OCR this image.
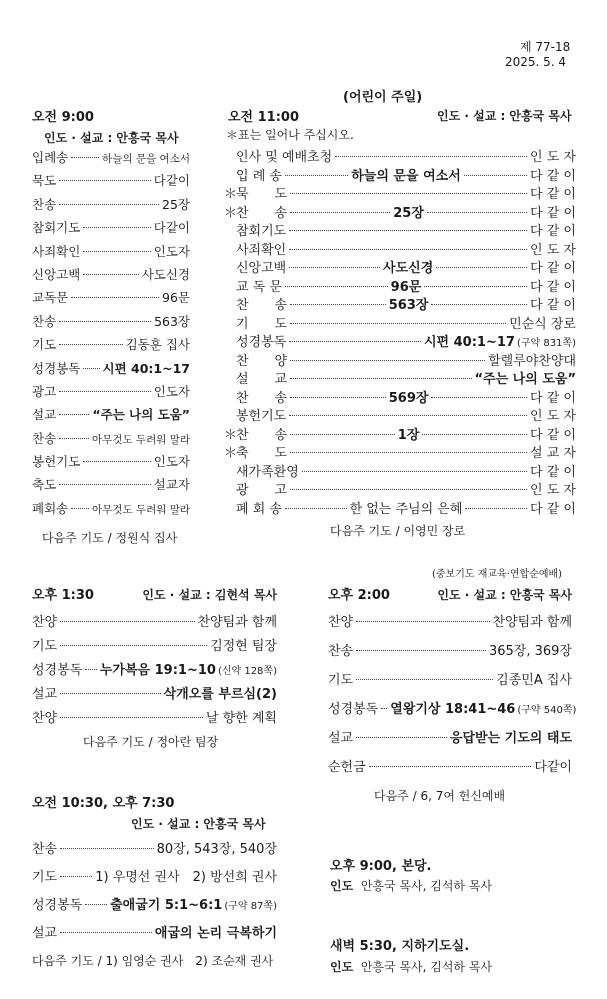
제 77-18
2025. 5. 4
(어린이 주일)
오전 9:00
인도 · 설교 : 안흥국 목사
입례송	하늘의 문을 여소서
묵도	다같이
찬송	25장
참회기도	다같이
사죄확인	인도자
신앙고백	사도신경
교독문	96문
찬송	563장
기도	김동훈 집사
성경봉독 시편 40:1~17
광고	인도자
설교	“주는 나의 도움”
찬송	아무것도 두려워 말라
봉헌기도	인도자
축도	설교자
폐회송 아무것도 두려워 말라
다음주 기도 / 정원식 집사
오전 11:00	인도 · 설교 : 안흥국 목사
＊표는 일어나 주십시오.
인사 및 예배초청	인 도 자
입 례 송	하늘의 문을 여소서	다 같 이
＊
묵　　도	다 같 이
＊
찬　　송	25장	다 같 이
참회기도	다 같 이
사죄확인	인 도 자
신앙고백	사도신경	다 같 이
교 독 문	96문	다 같 이
찬　　송	563장	다 같 이
기　　도	민순식 장로
성경봉독	시편 40:1~17 (구약 831쪽)
찬　　양	할렐루야찬양대
설　　교	“주는 나의 도움”
찬　　송	569장	다 같 이
봉헌기도	인 도 자
＊
찬　　송	1장	다 같 이
＊
축　　도	설 교 자
새가족환영	다 같 이
광　　고	인 도 자
폐 회 송	한 없는 주님의 은혜	다 같 이
다음주 기도 / 이영민 장로
오후 1:30	인도 · 설교 : 김현석 목사
찬양	찬양팀과 함께
기도	김정현 팀장
성경봉독 누가복음 19:1~10 (신약 128쪽)
설교	삭개오를 부르심(2)
찬양	날 향한 계획
다음주 기도 / 정아란 팀장
(중보기도 재교육·연합순예배)
오후 2:00	인도 · 설교 : 안흥국 목사
찬양	찬양팀과 함께
찬송	365장, 369장
기도	김종민A 집사
성경봉독 열왕기상 18:41~46 (구약 540쪽)
설교	응답받는 기도의 태도
순헌금	다같이
다음주 / 6, 7여 헌신예배
오전 10:30, 오후 7:30
인도 · 설교 : 안흥국 목사
찬송	80장, 543장, 540장
기도	1) 우명선 권사　2) 방선희 권사
성경봉독 출애굽기 5:1~6:1 (구약 87쪽)
설교	애굽의 논리 극복하기
다음주 기도 / 1) 임영순 권사　2) 조순재 권사
오후 9:00, 본당.
인도 안흥국 목사, 김석하 목사
새벽 5:30, 지하기도실.
인도 안흥국 목사, 김석하 목사
